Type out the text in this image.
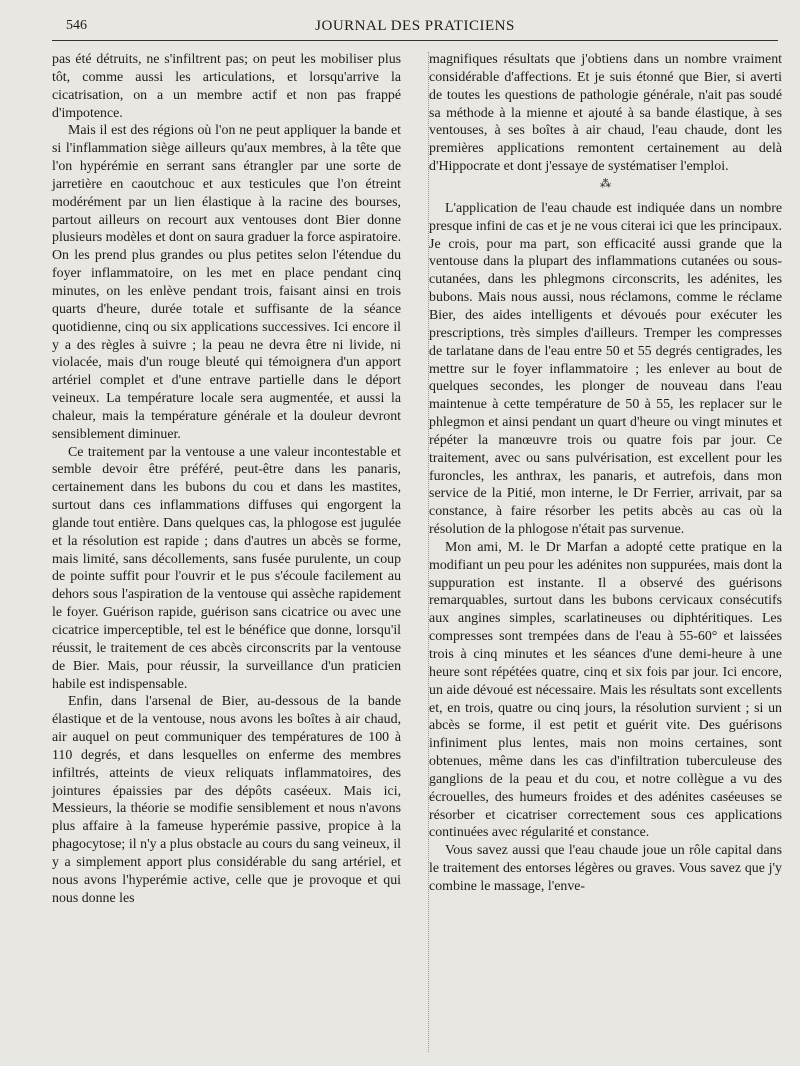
546	JOURNAL DES PRATICIENS

pas été détruits, ne s'infiltrent pas; on peut les mobiliser plus tôt, comme aussi les articulations, et lorsqu'arrive la cicatrisation, on a un membre actif et non pas frappé d'impotence.

Mais il est des régions où l'on ne peut appliquer la bande et si l'inflammation siège ailleurs qu'aux membres, à la tête que l'on hypérémie en serrant sans étrangler par une sorte de jarretière en caoutchouc et aux testicules que l'on étreint modérément par un lien élastique à la racine des bourses, partout ailleurs on recourt aux ventouses dont Bier donne plusieurs modèles et dont on saura graduer la force aspiratoire. On les prend plus grandes ou plus petites selon l'étendue du foyer inflammatoire, on les met en place pendant cinq minutes, on les enlève pendant trois, faisant ainsi en trois quarts d'heure, durée totale et suffisante de la séance quotidienne, cinq ou six applications successives. Ici encore il y a des règles à suivre ; la peau ne devra être ni livide, ni violacée, mais d'un rouge bleuté qui témoignera d'un apport artériel complet et d'une entrave partielle dans le déport veineux. La température locale sera augmentée, et aussi la chaleur, mais la température générale et la douleur devront sensiblement diminuer.

Ce traitement par la ventouse a une valeur incontestable et semble devoir être préféré, peut-être dans les panaris, certainement dans les bubons du cou et dans les mastites, surtout dans ces inflammations diffuses qui engorgent la glande tout entière. Dans quelques cas, la phlogose est jugulée et la résolution est rapide ; dans d'autres un abcès se forme, mais limité, sans décollements, sans fusée purulente, un coup de pointe suffit pour l'ouvrir et le pus s'écoule facilement au dehors sous l'aspiration de la ventouse qui assèche rapidement le foyer. Guérison rapide, guérison sans cicatrice ou avec une cicatrice imperceptible, tel est le bénéfice que donne, lorsqu'il réussit, le traitement de ces abcès circonscrits par la ventouse de Bier. Mais, pour réussir, la surveillance d'un praticien habile est indispensable.

Enfin, dans l'arsenal de Bier, au-dessous de la bande élastique et de la ventouse, nous avons les boîtes à air chaud, air auquel on peut communiquer des températures de 100 à 110 degrés, et dans lesquelles on enferme des membres infiltrés, atteints de vieux reliquats inflammatoires, des jointures épaissies par des dépôts caséeux. Mais ici, Messieurs, la théorie se modifie sensiblement et nous n'avons plus affaire à la fameuse hyperémie passive, propice à la phagocytose; il n'y a plus obstacle au cours du sang veineux, il y a simplement apport plus considérable du sang artériel, et nous avons l'hyperémie active, celle que je provoque et qui nous donne les

magnifiques résultats que j'obtiens dans un nombre vraiment considérable d'affections. Et je suis étonné que Bier, si averti de toutes les questions de pathologie générale, n'ait pas soudé sa méthode à la mienne et ajouté à sa bande élastique, à ses ventouses, à ses boîtes à air chaud, l'eau chaude, dont les premières applications remontent certainement au delà d'Hippocrate et dont j'essaye de systématiser l'emploi.

⁂

L'application de l'eau chaude est indiquée dans un nombre presque infini de cas et je ne vous citerai ici que les principaux. Je crois, pour ma part, son efficacité aussi grande que la ventouse dans la plupart des inflammations cutanées ou sous-cutanées, dans les phlegmons circonscrits, les adénites, les bubons. Mais nous aussi, nous réclamons, comme le réclame Bier, des aides intelligents et dévoués pour exécuter les prescriptions, très simples d'ailleurs. Tremper les compresses de tarlatane dans de l'eau entre 50 et 55 degrés centigrades, les mettre sur le foyer inflammatoire ; les enlever au bout de quelques secondes, les plonger de nouveau dans l'eau maintenue à cette température de 50 à 55, les replacer sur le phlegmon et ainsi pendant un quart d'heure ou vingt minutes et répéter la manœuvre trois ou quatre fois par jour. Ce traitement, avec ou sans pulvérisation, est excellent pour les furoncles, les anthrax, les panaris, et autrefois, dans mon service de la Pitié, mon interne, le Dr Ferrier, arrivait, par sa constance, à faire résorber les petits abcès au cas où la résolution de la phlogose n'était pas survenue.

Mon ami, M. le Dr Marfan a adopté cette pratique en la modifiant un peu pour les adénites non suppurées, mais dont la suppuration est instante. Il a observé des guérisons remarquables, surtout dans les bubons cervicaux consécutifs aux angines simples, scarlatineuses ou diphtéritiques. Les compresses sont trempées dans de l'eau à 55-60° et laissées trois à cinq minutes et les séances d'une demi-heure à une heure sont répétées quatre, cinq et six fois par jour. Ici encore, un aide dévoué est nécessaire. Mais les résultats sont excellents et, en trois, quatre ou cinq jours, la résolution survient ; si un abcès se forme, il est petit et guérit vite. Des guérisons infiniment plus lentes, mais non moins certaines, sont obtenues, même dans les cas d'infiltration tuberculeuse des ganglions de la peau et du cou, et notre collègue a vu des écrouelles, des humeurs froides et des adénites caséeuses se résorber et cicatriser correctement sous ces applications continuées avec régularité et constance.

Vous savez aussi que l'eau chaude joue un rôle capital dans le traitement des entorses légères ou graves. Vous savez que j'y combine le massage, l'enve-
